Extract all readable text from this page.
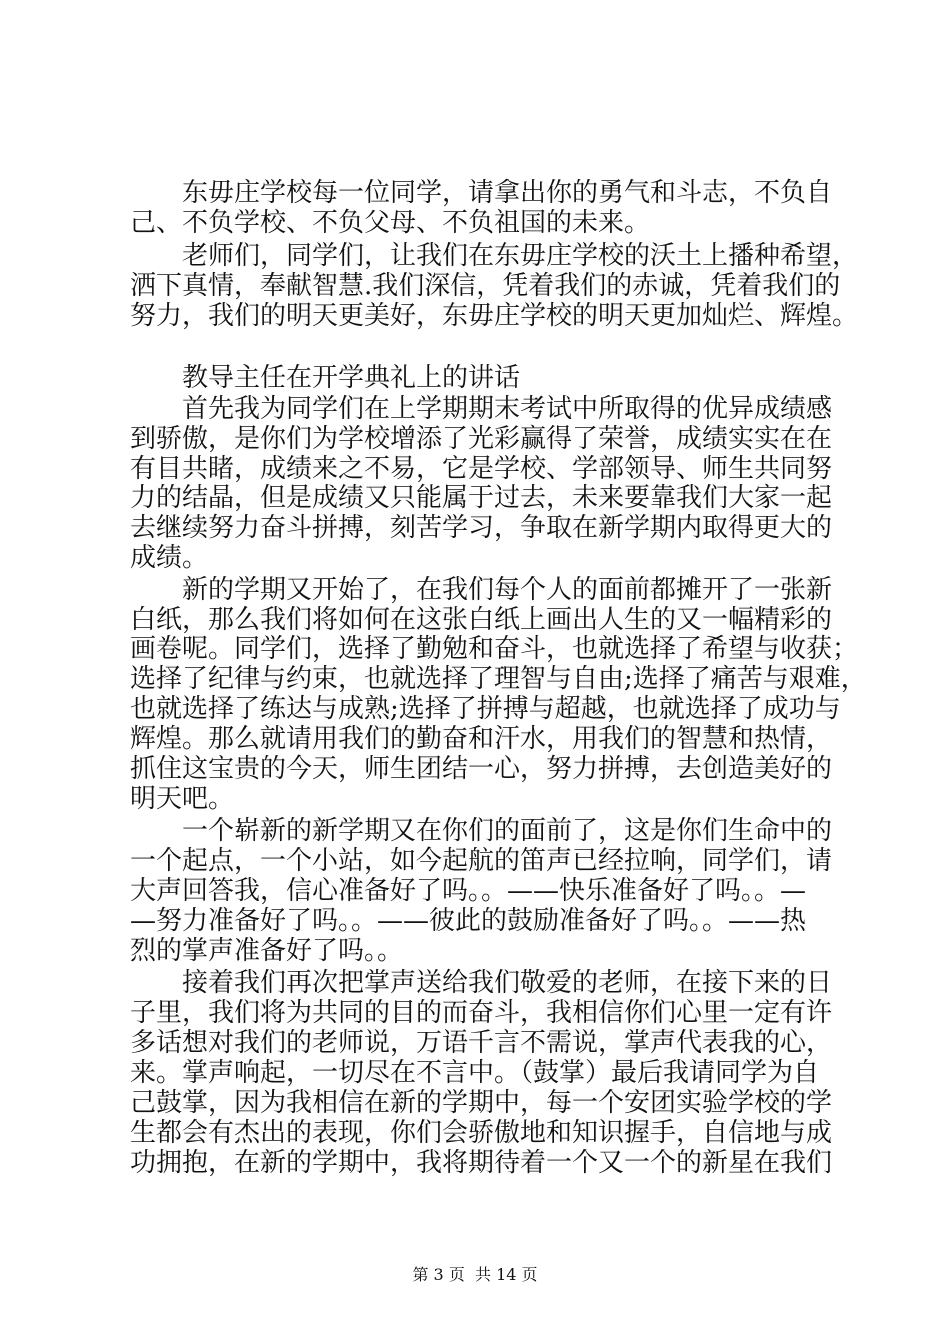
东毋庄学校每一位同学，请拿出你的勇气和斗志，不负自
己、不负学校、不负父母、不负祖国的未来。
老师们，同学们，让我们在东毋庄学校的沃土上播种希望，
洒下真情，奉献智慧.我们深信，凭着我们的赤诚，凭着我们的
努力，我们的明天更美好，东毋庄学校的明天更加灿烂、辉煌。
教导主任在开学典礼上的讲话
首先我为同学们在上学期期末考试中所取得的优异成绩感
到骄傲，是你们为学校增添了光彩赢得了荣誉，成绩实实在在
有目共睹，成绩来之不易，它是学校、学部领导、师生共同努
力的结晶，但是成绩又只能属于过去，未来要靠我们大家一起
去继续努力奋斗拼搏，刻苦学习，争取在新学期内取得更大的
成绩。
新的学期又开始了，在我们每个人的面前都摊开了一张新
白纸，那么我们将如何在这张白纸上画出人生的又一幅精彩的
画卷呢。同学们，选择了勤勉和奋斗，也就选择了希望与收获；
选择了纪律与约束，也就选择了理智与自由;选择了痛苦与艰难，
也就选择了练达与成熟;选择了拼搏与超越，也就选择了成功与
辉煌。那么就请用我们的勤奋和汗水，用我们的智慧和热情，
抓住这宝贵的今天，师生团结一心，努力拼搏，去创造美好的
明天吧。
一个崭新的新学期又在你们的面前了，这是你们生命中的
一个起点，一个小站，如今起航的笛声已经拉响，同学们，请
大声回答我，信心准备好了吗。。——快乐准备好了吗。。—
—努力准备好了吗。。——彼此的鼓励准备好了吗。。——热
烈的掌声准备好了吗。。
接着我们再次把掌声送给我们敬爱的老师，在接下来的日
子里，我们将为共同的目的而奋斗，我相信你们心里一定有许
多话想对我们的老师说，万语千言不需说，掌声代表我的心，
来。掌声响起，一切尽在不言中。（鼓掌）最后我请同学为自
己鼓掌，因为我相信在新的学期中，每一个安团实验学校的学
生都会有杰出的表现，你们会骄傲地和知识握手，自信地与成
功拥抱，在新的学期中，我将期待着一个又一个的新星在我们
第 3 页  共 14 页
